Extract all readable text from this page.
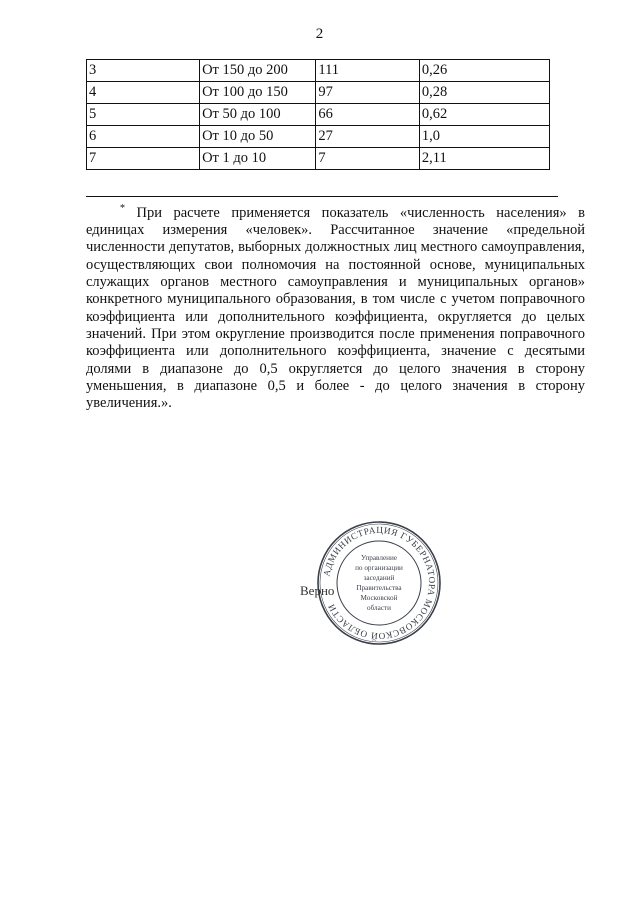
2
3	От 150 до 200	111	0,26
4	От 100 до 150	97	0,28
5	От 50 до 100	66	0,62
6	От 10 до 50	27	1,0
7	От 1 до 10	7	2,11

* При расчете применяется показатель «численность населения» в единицах измерения «человек». Рассчитанное значение «предельной численности депутатов, выборных должностных лиц местного самоуправления, осуществляющих свои полномочия на постоянной основе, муниципальных служащих органов местного самоуправления и муниципальных органов» конкретного муниципального образования, в том числе с учетом поправочного коэффициента или дополнительного коэффициента, округляется до целых значений. При этом округление производится после применения поправочного коэффициента или дополнительного коэффициента, значение с десятыми долями в диапазоне до 0,5 округляется до целого значения в сторону уменьшения, в диапазоне 0,5 и более - до целого значения в сторону увеличения.».

АДМИНИСТРАЦИЯ ГУБЕРНАТОРА МОСКОВСКОЙ ОБЛАСТИ
Управление
по организации
заседаний
Правительства
Московской
области
Верно
